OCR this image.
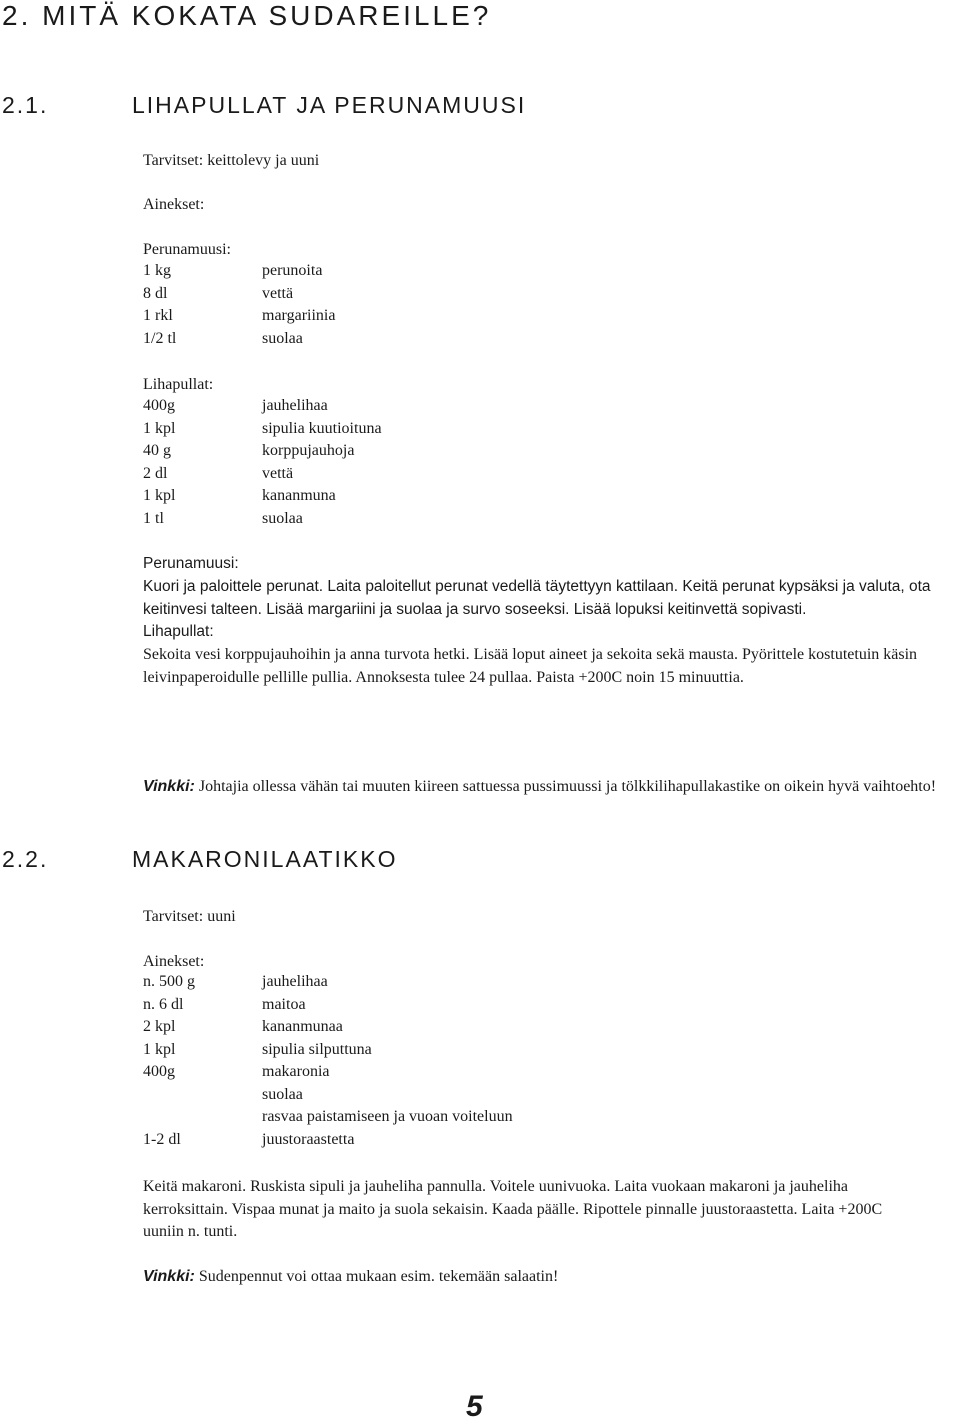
2. MITÄ KOKATA SUDAREILLE?
2.1.	LIHAPULLAT JA PERUNAMUUSI
Tarvitset: keittolevy ja uuni
Ainekset:
Perunamuusi:
1 kg	perunoita
8 dl	vettä
1 rkl	margariinia
1/2 tl	suolaa
Lihapullat:
400g	jauhelihaa
1 kpl	sipulia kuutioituna
40 g	korppujauhoja
2 dl	vettä
1 kpl	kananmuna
1 tl	suolaa
Perunamuusi:
Kuori ja paloittele perunat. Laita paloitellut perunat vedellä täytettyyn kattilaan. Keitä perunat kypsäksi ja valuta, ota keitinvesi talteen. Lisää margariini ja suolaa ja survo soseeksi. Lisää lopuksi keitinvettä sopivasti.
Lihapullat:
Sekoita vesi korppujauhoihin ja anna turvota hetki. Lisää loput aineet ja sekoita sekä mausta. Pyörittele kostutetuin käsin leivinpaperoidulle pellille pullia. Annoksesta tulee 24 pullaa. Paista +200C noin 15 minuuttia.
Vinkki: Johtajia ollessa vähän tai muuten kiireen sattuessa pussimuussi ja tölkkilihapullakastike on oikein hyvä vaihtoehto!
2.2.	MAKARONILAATIKKO
Tarvitset: uuni
Ainekset:
n. 500 g	jauhelihaa
n. 6 dl	maitoa
2 kpl	kananmunaa
1 kpl	sipulia silputtuna
400g	makaronia
suolaa
rasvaa paistamiseen ja vuoan voiteluun
1-2 dl	juustoraastetta
Keitä makaroni. Ruskista sipuli ja jauheliha pannulla. Voitele uunivuoka. Laita vuokaan makaroni ja jauheliha kerroksittain. Vispaa munat ja maito ja suola sekaisin. Kaada päälle. Ripottele pinnalle juustoraastetta. Laita +200C uuniin n. tunti.
Vinkki: Sudenpennut voi ottaa mukaan esim. tekemään salaatin!
5
